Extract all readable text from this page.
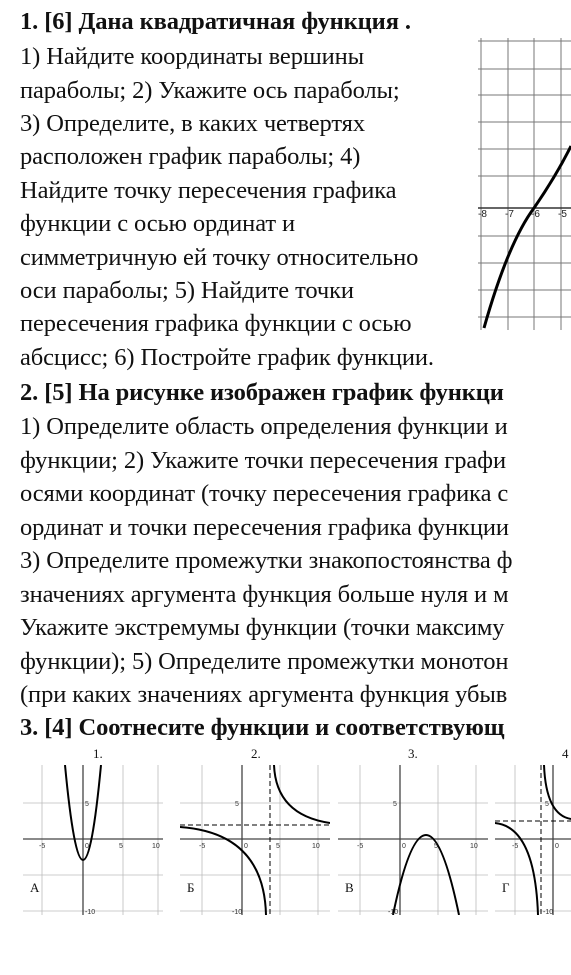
1. [6] Дана квадратичная функция .
1) Найдите координаты вершины
параболы; 2) Укажите ось параболы;
3) Определите, в каких четвертях
расположен график параболы; 4)
Найдите точку пересечения графика
функции с осью ординат и
симметричную ей точку относительно
оси параболы; 5) Найдите точки
пересечения графика функции с осью
абсцисс; 6) Постройте график функции.
-8 -7 -6 -5
2. [5] На рисунке изображен график функци
1) Определите область определения функции и
функции; 2) Укажите точки пересечения графи
осями координат (точку пересечения графика с
ординат и точки пересечения графика функции
3) Определите промежутки знакопостоянства ф
значениях аргумента функция больше нуля и м
Укажите экстремумы функции (точки максиму
функции); 5) Определите промежутки монотон
(при каких значениях аргумента функция убыв
3. [4] Соотнесите функции и соответствующ
1.	2.	3.	4
-5	0	5	10
5
-10
-5	0	5	10
5
-10
-5	0	5	10
5
-10
-5	0
5
-10
А	Б	В	Г
